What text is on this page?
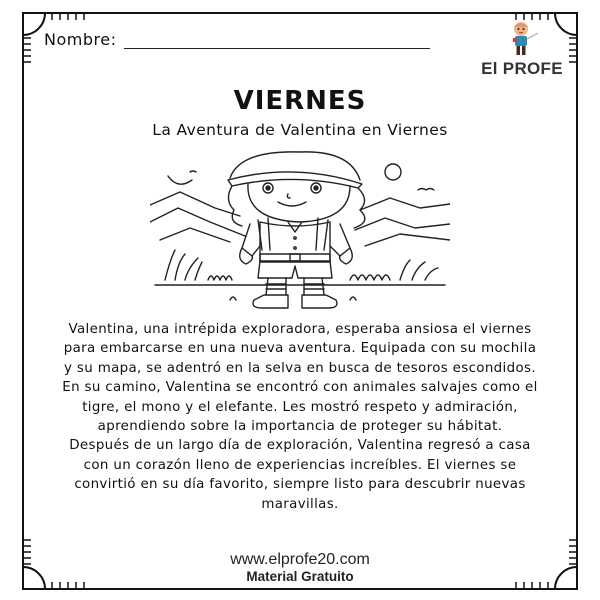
Nombre:
El PROFE
VIERNES
La Aventura de Valentina en Viernes

Valentina, una intrépida exploradora, esperaba ansiosa el viernes para embarcarse en una nueva aventura. Equipada con su mochila y su mapa, se adentró en la selva en busca de tesoros escondidos.

En su camino, Valentina se encontró con animales salvajes como el tigre, el mono y el elefante. Les mostró respeto y admiración, aprendiendo sobre la importancia de proteger su hábitat.

Después de un largo día de exploración, Valentina regresó a casa con un corazón lleno de experiencias increíbles. El viernes se convirtió en su día favorito, siempre listo para descubrir nuevas maravillas.

www.elprofe20.com
Material Gratuito
